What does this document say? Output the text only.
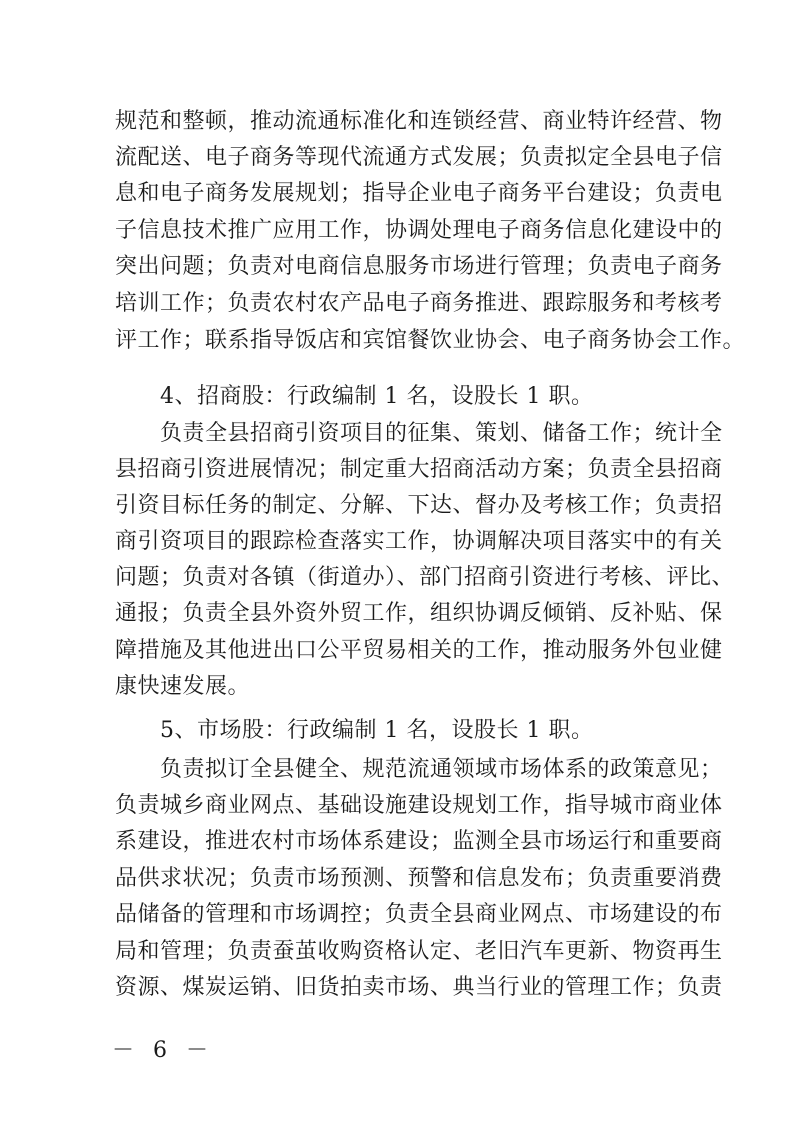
规范和整顿，推动流通标准化和连锁经营、商业特许经营、物
流配送、电子商务等现代流通方式发展；负责拟定全县电子信
息和电子商务发展规划；指导企业电子商务平台建设；负责电
子信息技术推广应用工作，协调处理电子商务信息化建设中的
突出问题；负责对电商信息服务市场进行管理；负责电子商务
培训工作；负责农村农产品电子商务推进、跟踪服务和考核考
评工作；联系指导饭店和宾馆餐饮业协会、电子商务协会工作。
4、招商股：行政编制 1 名，设股长 1 职。
负责全县招商引资项目的征集、策划、储备工作；统计全
县招商引资进展情况；制定重大招商活动方案；负责全县招商
引资目标任务的制定、分解、下达、督办及考核工作；负责招
商引资项目的跟踪检查落实工作，协调解决项目落实中的有关
问题；负责对各镇（街道办）、部门招商引资进行考核、评比、
通报；负责全县外资外贸工作，组织协调反倾销、反补贴、保
障措施及其他进出口公平贸易相关的工作，推动服务外包业健
康快速发展。
5、市场股：行政编制 1 名，设股长 1 职。
负责拟订全县健全、规范流通领域市场体系的政策意见；
负责城乡商业网点、基础设施建设规划工作，指导城市商业体
系建设，推进农村市场体系建设；监测全县市场运行和重要商
品供求状况；负责市场预测、预警和信息发布；负责重要消费
品储备的管理和市场调控；负责全县商业网点、市场建设的布
局和管理；负责蚕茧收购资格认定、老旧汽车更新、物资再生
资源、煤炭运销、旧货拍卖市场、典当行业的管理工作；负责
－ 6 －
